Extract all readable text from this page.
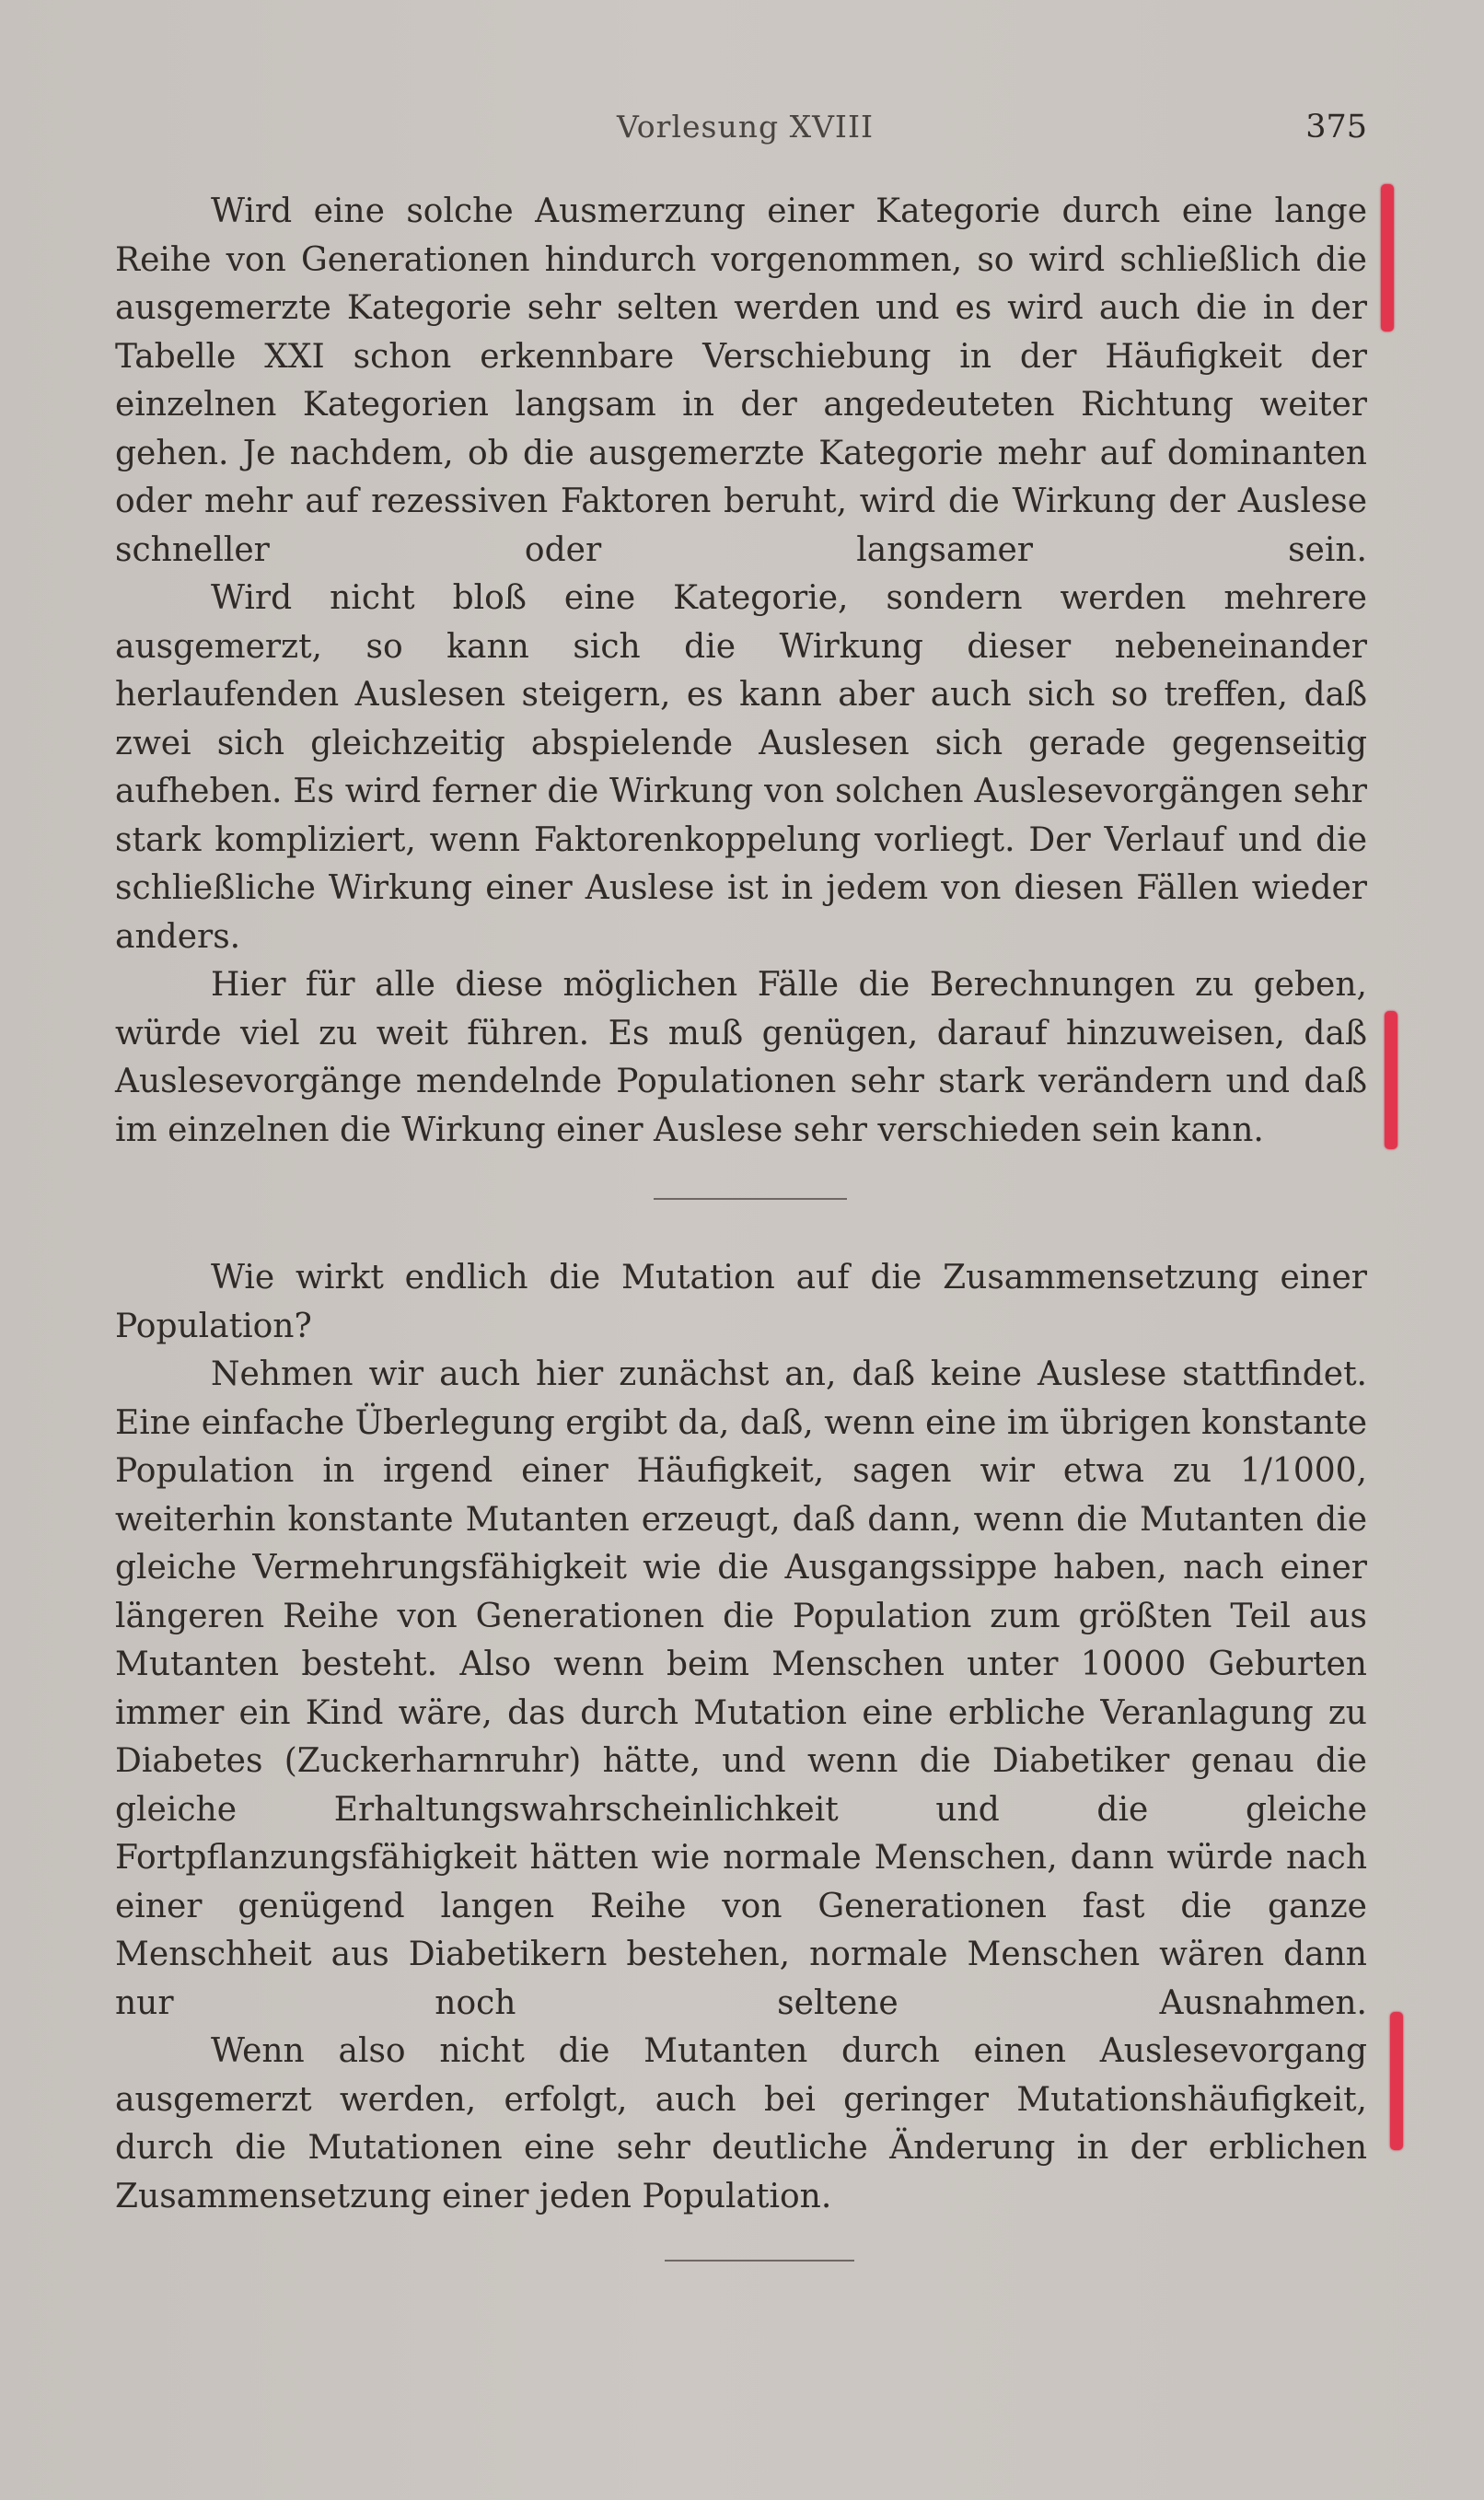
Vorlesung XVIII	375

Wird eine solche Ausmerzung einer Kategorie durch eine lange Reihe von Generationen hindurch vorgenommen, so wird schließlich die ausgemerzte Kategorie sehr selten werden und es wird auch die in der Tabelle XXI schon erkennbare Verschiebung in der Häufigkeit der einzelnen Kategorien langsam in der angedeuteten Richtung weiter gehen. Je nachdem, ob die ausgemerzte Kategorie mehr auf dominanten oder mehr auf rezessiven Faktoren beruht, wird die Wirkung der Auslese schneller oder langsamer sein.

Wird nicht bloß eine Kategorie, sondern werden mehrere ausgemerzt, so kann sich die Wirkung dieser nebeneinander herlaufenden Auslesen steigern, es kann aber auch sich so treffen, daß zwei sich gleichzeitig abspielende Auslesen sich gerade gegenseitig aufheben. Es wird ferner die Wirkung von solchen Auslesevorgängen sehr stark kompliziert, wenn Faktorenkoppelung vorliegt. Der Verlauf und die schließliche Wirkung einer Auslese ist in jedem von diesen Fällen wieder anders.

Hier für alle diese möglichen Fälle die Berechnungen zu geben, würde viel zu weit führen. Es muß genügen, darauf hinzuweisen, daß Auslesevorgänge mendelnde Populationen sehr stark verändern und daß im einzelnen die Wirkung einer Auslese sehr verschieden sein kann.

Wie wirkt endlich die Mutation auf die Zusammensetzung einer Population?

Nehmen wir auch hier zunächst an, daß keine Auslese stattfindet. Eine einfache Überlegung ergibt da, daß, wenn eine im übrigen konstante Population in irgend einer Häufigkeit, sagen wir etwa zu 1/1000, weiterhin konstante Mutanten erzeugt, daß dann, wenn die Mutanten die gleiche Vermehrungsfähigkeit wie die Ausgangssippe haben, nach einer längeren Reihe von Generationen die Population zum größten Teil aus Mutanten besteht. Also wenn beim Menschen unter 10000 Geburten immer ein Kind wäre, das durch Mutation eine erbliche Veranlagung zu Diabetes (Zuckerharnruhr) hätte, und wenn die Diabetiker genau die gleiche Erhaltungswahrscheinlichkeit und die gleiche Fortpflanzungsfähigkeit hätten wie normale Menschen, dann würde nach einer genügend langen Reihe von Generationen fast die ganze Menschheit aus Diabetikern bestehen, normale Menschen wären dann nur noch seltene Ausnahmen.

Wenn also nicht die Mutanten durch einen Auslesevorgang ausgemerzt werden, erfolgt, auch bei geringer Mutationshäufigkeit, durch die Mutationen eine sehr deutliche Änderung in der erblichen Zusammensetzung einer jeden Population.
